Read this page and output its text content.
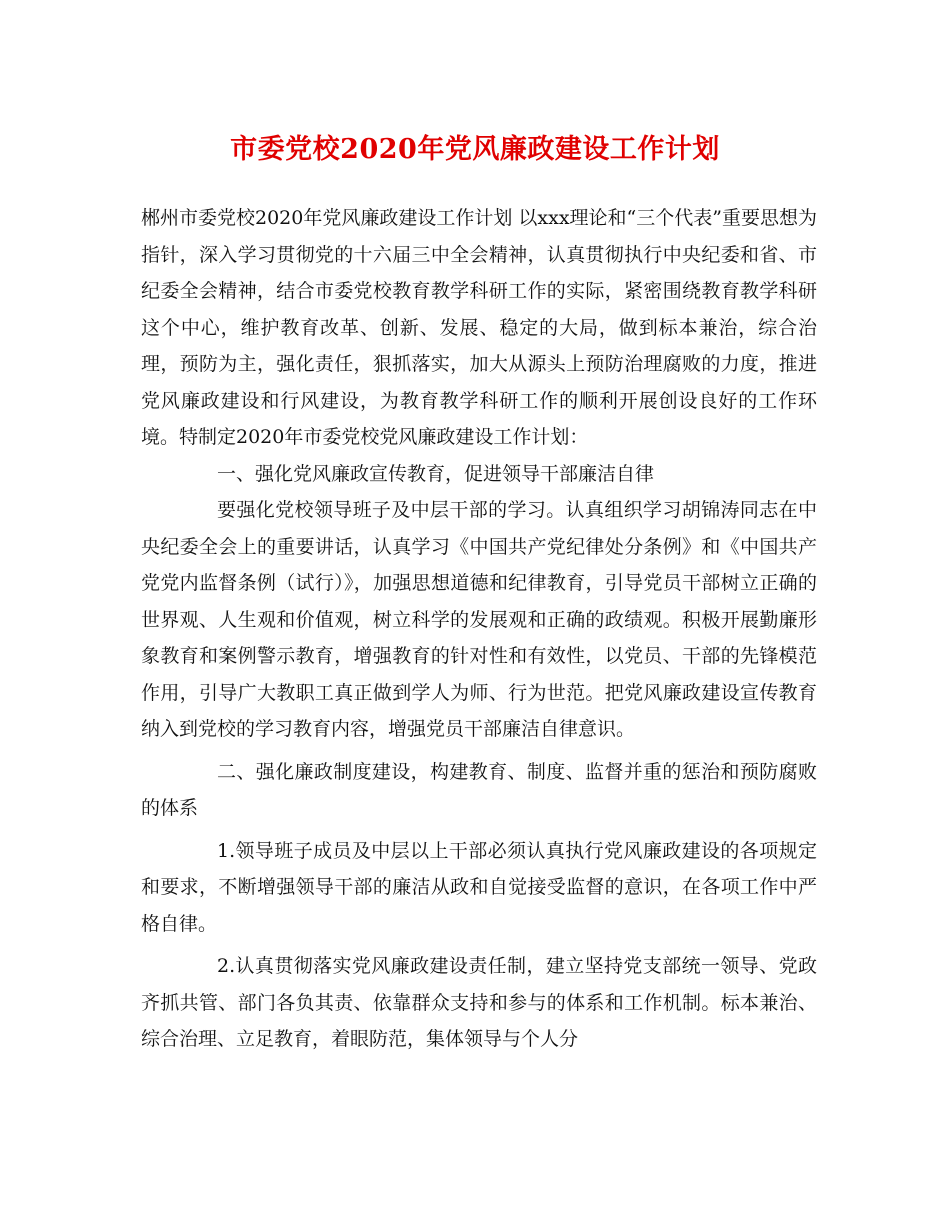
市委党校2020年党风廉政建设工作计划

郴州市委党校2020年党风廉政建设工作计划 以xxx理论和“三个代表”重要思想为指针，深入学习贯彻党的十六届三中全会精神，认真贯彻执行中央纪委和省、市纪委全会精神，结合市委党校教育教学科研工作的实际，紧密围绕教育教学科研这个中心，维护教育改革、创新、发展、稳定的大局，做到标本兼治，综合治理，预防为主，强化责任，狠抓落实，加大从源头上预防治理腐败的力度，推进党风廉政建设和行风建设，为教育教学科研工作的顺利开展创设良好的工作环境。特制定2020年市委党校党风廉政建设工作计划：

一、强化党风廉政宣传教育，促进领导干部廉洁自律

要强化党校领导班子及中层干部的学习。认真组织学习胡锦涛同志在中央纪委全会上的重要讲话，认真学习《中国共产党纪律处分条例》和《中国共产党党内监督条例（试行）》，加强思想道德和纪律教育，引导党员干部树立正确的世界观、人生观和价值观，树立科学的发展观和正确的政绩观。积极开展勤廉形象教育和案例警示教育，增强教育的针对性和有效性，以党员、干部的先锋模范作用，引导广大教职工真正做到学人为师、行为世范。把党风廉政建设宣传教育纳入到党校的学习教育内容，增强党员干部廉洁自律意识。

二、强化廉政制度建设，构建教育、制度、监督并重的惩治和预防腐败的体系

1.领导班子成员及中层以上干部必须认真执行党风廉政建设的各项规定和要求，不断增强领导干部的廉洁从政和自觉接受监督的意识，在各项工作中严格自律。

2.认真贯彻落实党风廉政建设责任制，建立坚持党支部统一领导、党政齐抓共管、部门各负其责、依靠群众支持和参与的体系和工作机制。标本兼治、综合治理、立足教育，着眼防范，集体领导与个人分
